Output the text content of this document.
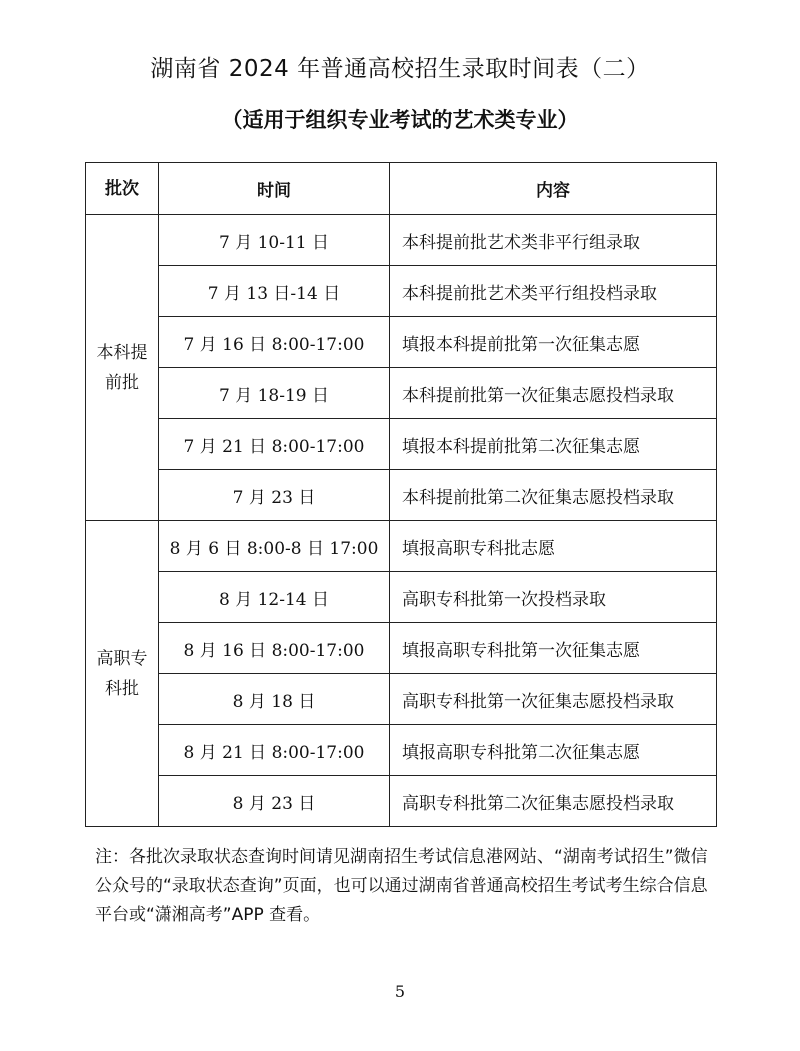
湖南省 2024 年普通高校招生录取时间表（二）
（适用于组织专业考试的艺术类专业）
批次	时间	内容
本科提前批	7 月 10-11 日	本科提前批艺术类非平行组录取
	7 月 13 日-14 日	本科提前批艺术类平行组投档录取
	7 月 16 日 8:00-17:00	填报本科提前批第一次征集志愿
	7 月 18-19 日	本科提前批第一次征集志愿投档录取
	7 月 21 日 8:00-17:00	填报本科提前批第二次征集志愿
	7 月 23 日	本科提前批第二次征集志愿投档录取
高职专科批	8 月 6 日 8:00-8 日 17:00	填报高职专科批志愿
	8 月 12-14 日	高职专科批第一次投档录取
	8 月 16 日 8:00-17:00	填报高职专科批第一次征集志愿
	8 月 18 日	高职专科批第一次征集志愿投档录取
	8 月 21 日 8:00-17:00	填报高职专科批第二次征集志愿
	8 月 23 日	高职专科批第二次征集志愿投档录取
注：各批次录取状态查询时间请见湖南招生考试信息港网站、“湖南考试招生”微信公众号的“录取状态查询”页面，也可以通过湖南省普通高校招生考试考生综合信息平台或“潇湘高考”APP 查看。
5
